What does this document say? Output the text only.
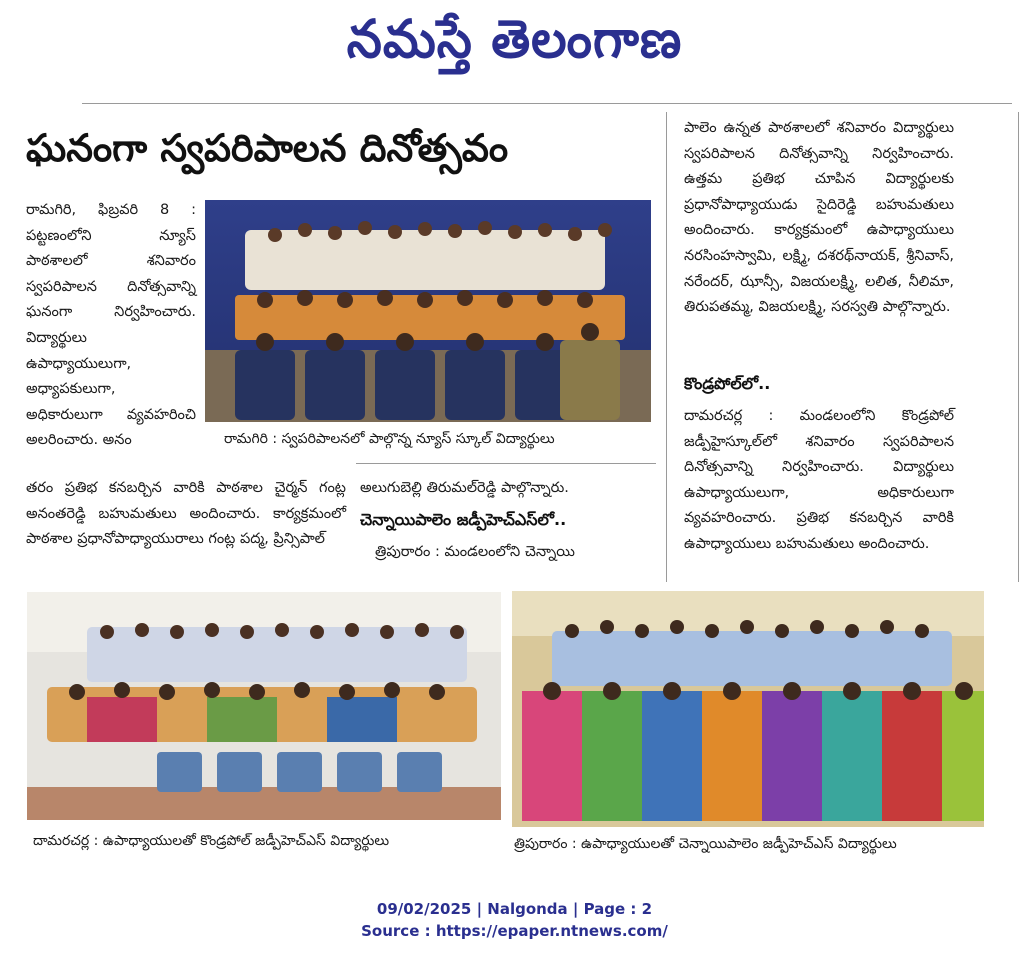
నమస్తే తెలంగాణ
ఘనంగా స్వపరిపాలన దినోత్సవం

రామగిరి, ఫిబ్రవరి 8 : పట్టణంలోని న్యూస్ పాఠశాలలో శనివారం స్వపరిపాలన దినోత్సవాన్ని ఘనంగా నిర్వహించారు. విద్యార్థులు ఉపాధ్యాయులుగా, అధ్యాపకులుగా, అధికారులుగా వ్యవహరించి అలరించారు. అనం	రామగిరి : స్వపరిపాలనలో పాల్గొన్న న్యూస్ స్కూల్ విద్యార్థులు

తరం ప్రతిభ కనబర్చిన వారికి పాఠశాల చైర్మన్ గంట్ల అనంతరెడ్డి బహుమతులు అందించారు. కార్యక్రమంలో పాఠశాల ప్రధానోపాధ్యాయురాలు గంట్ల పద్మ, ప్రిన్సిపాల్

అలుగుబెల్లి తిరుమల్‌రెడ్డి పాల్గొన్నారు.

చెన్నాయిపాలెం జడ్పీహెచ్ఎస్‌లో..

త్రిపురారం : మండలంలోని చెన్నాయి

పాలెం ఉన్నత పాఠశాలలో శనివారం విద్యార్థులు స్వపరిపాలన దినోత్సవాన్ని నిర్వహించారు. ఉత్తమ ప్రతిభ చూపిన విద్యార్థులకు ప్రధానోపాధ్యాయుడు సైదిరెడ్డి బహుమతులు అందించారు. కార్యక్రమంలో ఉపాధ్యాయులు నరసింహస్వామి, లక్ష్మి, దశరథ్‌నాయక్, శ్రీనివాస్, నరేందర్, ఝాన్సీ, విజయలక్ష్మి, లలిత, నీలిమా, తిరుపతమ్మ, విజయలక్ష్మి, సరస్వతి పాల్గొన్నారు.

కొండ్రపోల్‌లో..

దామరచర్ల : మండలంలోని కొండ్రపోల్ జడ్పీహైస్కూల్‌లో శనివారం స్వపరిపాలన దినోత్సవాన్ని నిర్వహించారు. విద్యార్థులు ఉపాధ్యాయులుగా, అధికారులుగా వ్యవహరించారు. ప్రతిభ కనబర్చిన వారికి ఉపాధ్యాయులు బహుమతులు అందించారు.

దామరచర్ల : ఉపాధ్యాయులతో కొండ్రపోల్ జడ్పీహెచ్ఎస్ విద్యార్థులు	త్రిపురారం : ఉపాధ్యాయులతో చెన్నాయిపాలెం జడ్పీహెచ్ఎస్ విద్యార్థులు
09/02/2025 | Nalgonda | Page : 2
Source : https://epaper.ntnews.com/
